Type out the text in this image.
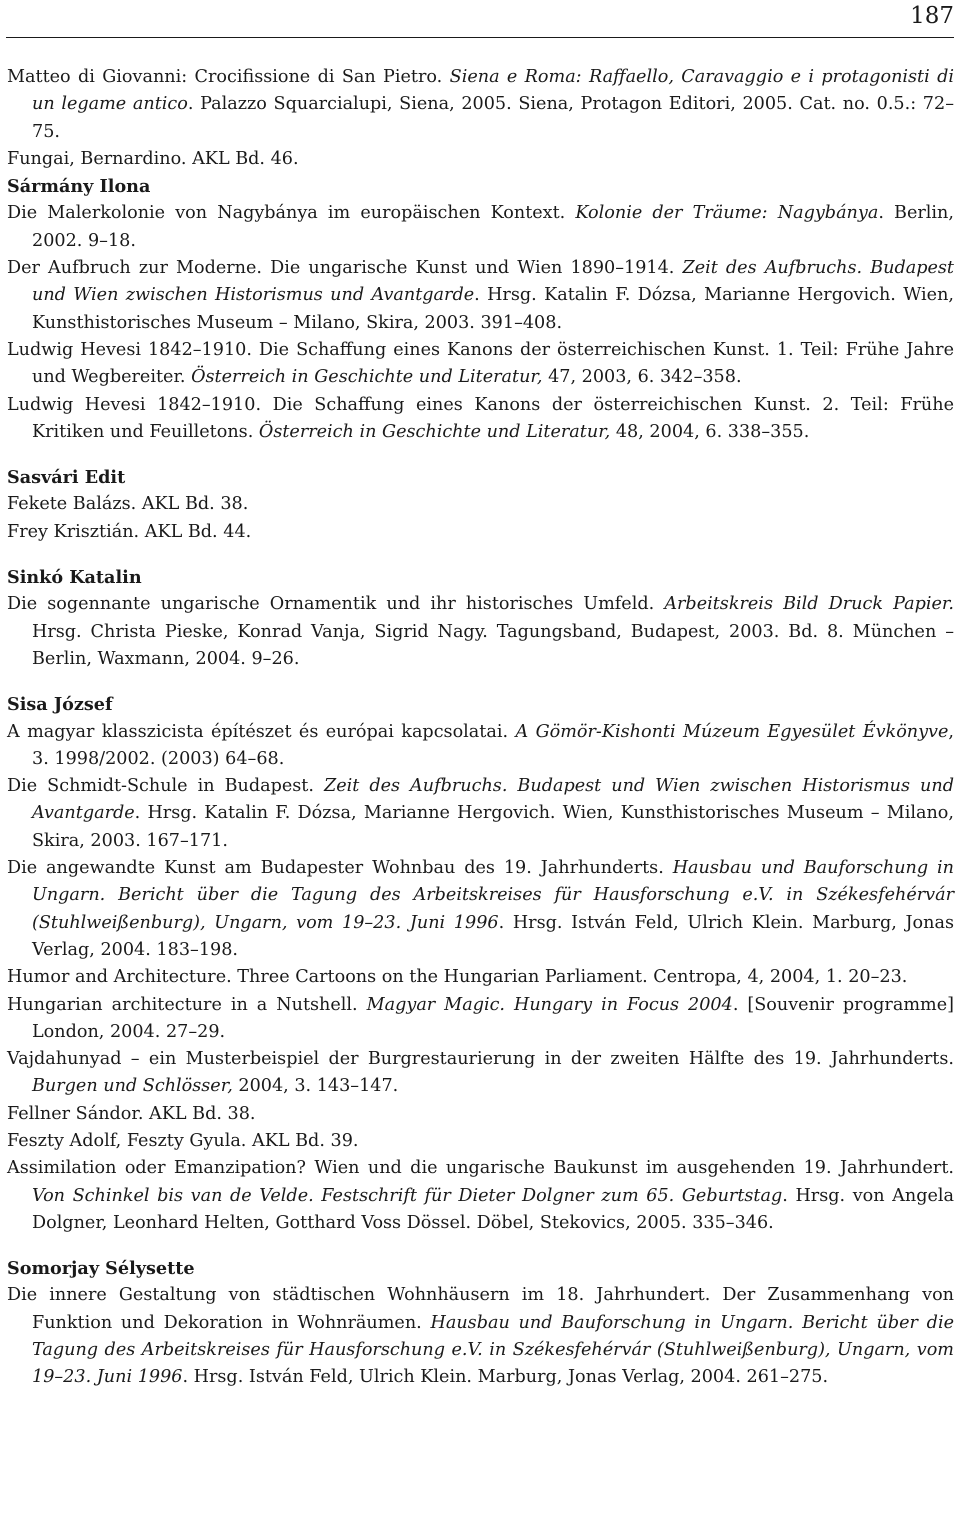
187

Matteo di Giovanni: Crocifissione di San Pietro. Siena e Roma: Raffaello, Caravaggio e i protagonisti di un legame antico. Palazzo Squarcialupi, Siena, 2005. Siena, Protagon Editori, 2005. Cat. no. 0.5.: 72–75.

Fungai, Bernardino. AKL Bd. 46.

Sármány Ilona

Die Malerkolonie von Nagybánya im europäischen Kontext. Kolonie der Träume: Nagybánya. Berlin, 2002. 9–18.

Der Aufbruch zur Moderne. Die ungarische Kunst und Wien 1890–1914. Zeit des Aufbruchs. Budapest und Wien zwischen Historismus und Avantgarde. Hrsg. Katalin F. Dózsa, Marianne Hergovich. Wien, Kunsthistorisches Museum – Milano, Skira, 2003. 391–408.

Ludwig Hevesi 1842–1910. Die Schaffung eines Kanons der österreichischen Kunst. 1. Teil: Frühe Jahre und Wegbereiter. Österreich in Geschichte und Literatur, 47, 2003, 6. 342–358.

Ludwig Hevesi 1842–1910. Die Schaffung eines Kanons der österreichischen Kunst. 2. Teil: Frühe Kritiken und Feuilletons. Österreich in Geschichte und Literatur, 48, 2004, 6. 338–355.

Sasvári Edit

Fekete Balázs. AKL Bd. 38.

Frey Krisztián. AKL Bd. 44.

Sinkó Katalin

Die sogennante ungarische Ornamentik und ihr historisches Umfeld. Arbeitskreis Bild Druck Papier. Hrsg. Christa Pieske, Konrad Vanja, Sigrid Nagy. Tagungsband, Budapest, 2003. Bd. 8. München – Berlin, Waxmann, 2004. 9–26.

Sisa József

A magyar klasszicista építészet és európai kapcsolatai. A Gömör-Kishonti Múzeum Egyesület Évkönyve, 3. 1998/2002. (2003) 64–68.

Die Schmidt-Schule in Budapest. Zeit des Aufbruchs. Budapest und Wien zwischen Historismus und Avantgarde. Hrsg. Katalin F. Dózsa, Marianne Hergovich. Wien, Kunsthistorisches Museum – Milano, Skira, 2003. 167–171.

Die angewandte Kunst am Budapester Wohnbau des 19. Jahrhunderts. Hausbau und Bauforschung in Ungarn. Bericht über die Tagung des Arbeitskreises für Hausforschung e.V. in Székesfehérvár (Stuhlweißenburg), Ungarn, vom 19–23. Juni 1996. Hrsg. István Feld, Ulrich Klein. Marburg, Jonas Verlag, 2004. 183–198.

Humor and Architecture. Three Cartoons on the Hungarian Parliament. Centropa, 4, 2004, 1. 20–23.

Hungarian architecture in a Nutshell. Magyar Magic. Hungary in Focus 2004. [Souvenir programme] London, 2004. 27–29.

Vajdahunyad – ein Musterbeispiel der Burgrestaurierung in der zweiten Hälfte des 19. Jahrhunderts. Burgen und Schlösser, 2004, 3. 143–147.

Fellner Sándor. AKL Bd. 38.

Feszty Adolf, Feszty Gyula. AKL Bd. 39.

Assimilation oder Emanzipation? Wien und die ungarische Baukunst im ausgehenden 19. Jahrhundert. Von Schinkel bis van de Velde. Festschrift für Dieter Dolgner zum 65. Geburtstag. Hrsg. von Angela Dolgner, Leonhard Helten, Gotthard Voss Dössel. Döbel, Stekovics, 2005. 335–346.

Somorjay Sélysette

Die innere Gestaltung von städtischen Wohnhäusern im 18. Jahrhundert. Der Zusammenhang von Funktion und Dekoration in Wohnräumen. Hausbau und Bauforschung in Ungarn. Bericht über die Tagung des Arbeitskreises für Hausforschung e.V. in Székesfehérvár (Stuhlweißenburg), Ungarn, vom 19–23. Juni 1996. Hrsg. István Feld, Ulrich Klein. Marburg, Jonas Verlag, 2004. 261–275.
